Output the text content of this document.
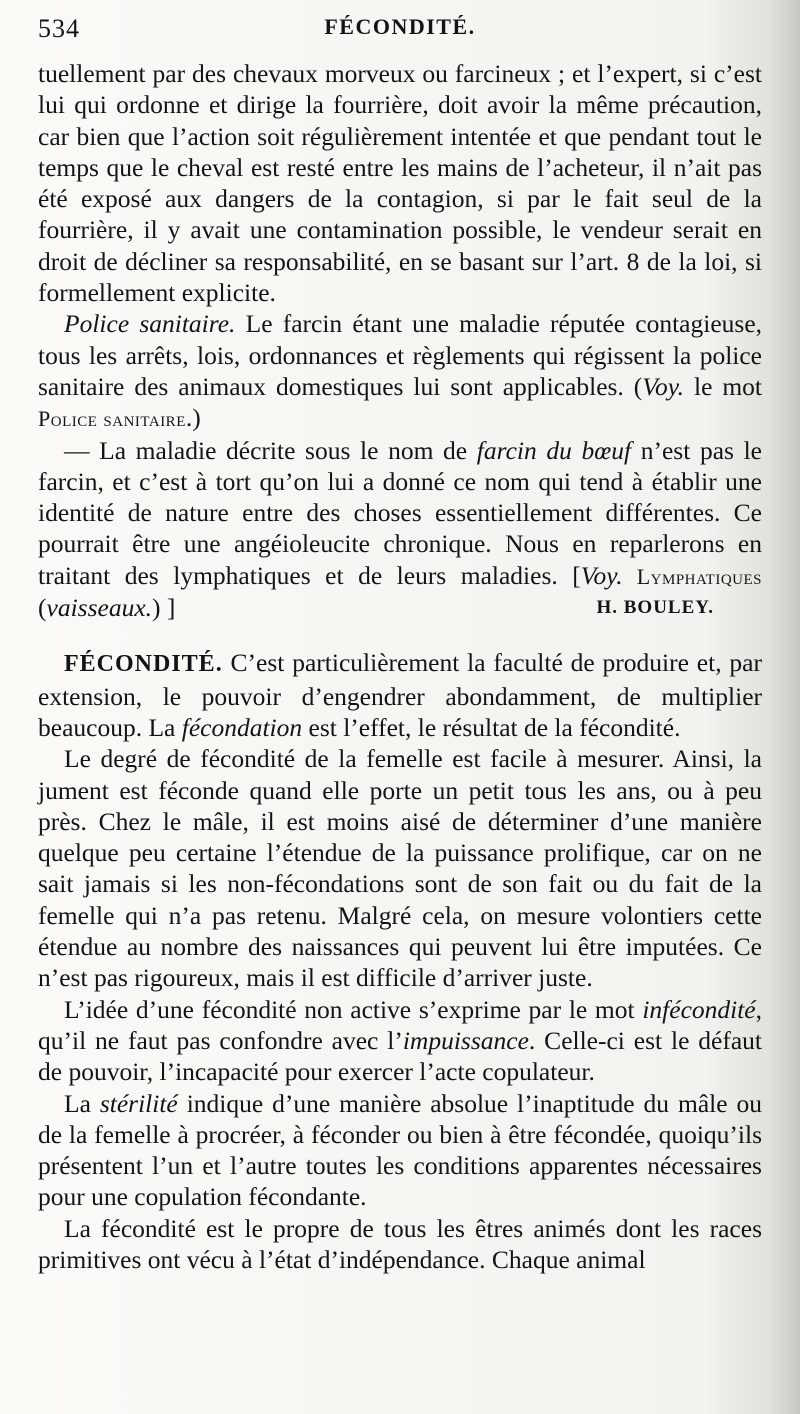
534	FÉCONDITÉ.

tuellement par des chevaux morveux ou farcineux ; et l’expert, si c’est lui qui ordonne et dirige la fourrière, doit avoir la même précaution, car bien que l’action soit régulièrement intentée et que pendant tout le temps que le cheval est resté entre les mains de l’acheteur, il n’ait pas été exposé aux dangers de la contagion, si par le fait seul de la fourrière, il y avait une contamination possible, le vendeur serait en droit de décliner sa responsabilité, en se basant sur l’art. 8 de la loi, si formellement explicite.

Police sanitaire. Le farcin étant une maladie réputée contagieuse, tous les arrêts, lois, ordonnances et règlements qui régissent la police sanitaire des animaux domestiques lui sont applicables. (Voy. le mot Police sanitaire.)

— La maladie décrite sous le nom de farcin du bœuf n’est pas le farcin, et c’est à tort qu’on lui a donné ce nom qui tend à établir une identité de nature entre des choses essentiellement différentes. Ce pourrait être une angéioleucite chronique. Nous en reparlerons en traitant des lymphatiques et de leurs maladies. [Voy. Lymphatiques (vaisseaux.) ]	H. BOULEY.

FÉCONDITÉ. C’est particulièrement la faculté de produire et, par extension, le pouvoir d’engendrer abondamment, de multiplier beaucoup. La fécondation est l’effet, le résultat de la fécondité.

Le degré de fécondité de la femelle est facile à mesurer. Ainsi, la jument est féconde quand elle porte un petit tous les ans, ou à peu près. Chez le mâle, il est moins aisé de déterminer d’une manière quelque peu certaine l’étendue de la puissance prolifique, car on ne sait jamais si les non-fécondations sont de son fait ou du fait de la femelle qui n’a pas retenu. Malgré cela, on mesure volontiers cette étendue au nombre des naissances qui peuvent lui être imputées. Ce n’est pas rigoureux, mais il est difficile d’arriver juste.

L’idée d’une fécondité non active s’exprime par le mot infécondité, qu’il ne faut pas confondre avec l’impuissance. Celle-ci est le défaut de pouvoir, l’incapacité pour exercer l’acte copulateur.

La stérilité indique d’une manière absolue l’inaptitude du mâle ou de la femelle à procréer, à féconder ou bien à être fécondée, quoiqu’ils présentent l’un et l’autre toutes les conditions apparentes nécessaires pour une copulation fécondante.

La fécondité est le propre de tous les êtres animés dont les races primitives ont vécu à l’état d’indépendance. Chaque animal
